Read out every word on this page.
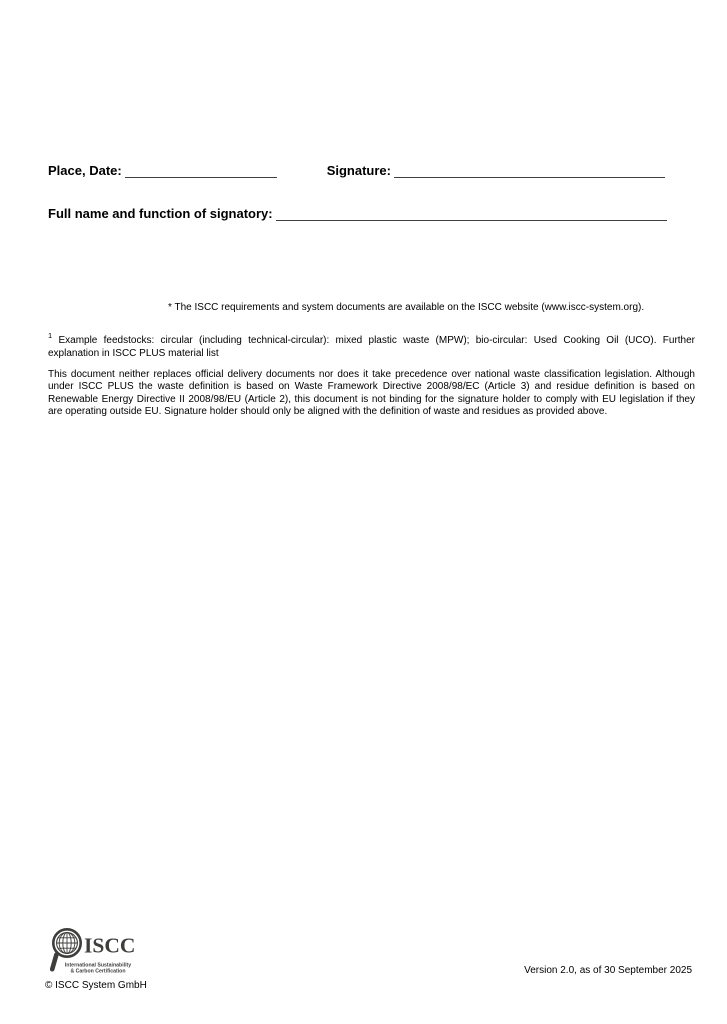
Place, Date:	Signature:
Full name and function of signatory:
* The ISCC requirements and system documents are available on the ISCC website (www.iscc-system.org).

$^1$ Example feedstocks: circular (including technical-circular): mixed plastic waste (MPW); bio-circular: Used Cooking Oil (UCO). Further explanation in ISCC PLUS material list

This document neither replaces official delivery documents nor does it take precedence over national waste classification legislation. Although under ISCC PLUS the waste definition is based on Waste Framework Directive 2008/98/EC (Article 3) and residue definition is based on Renewable Energy Directive II 2008/98/EU (Article 2), this document is not binding for the signature holder to comply with EU legislation if they are operating outside EU. Signature holder should only be aligned with the definition of waste and residues as provided above.

ISCC
International Sustainability
& Carbon Certification
© ISCC System GmbH
Version 2.0, as of 30 September 2025
